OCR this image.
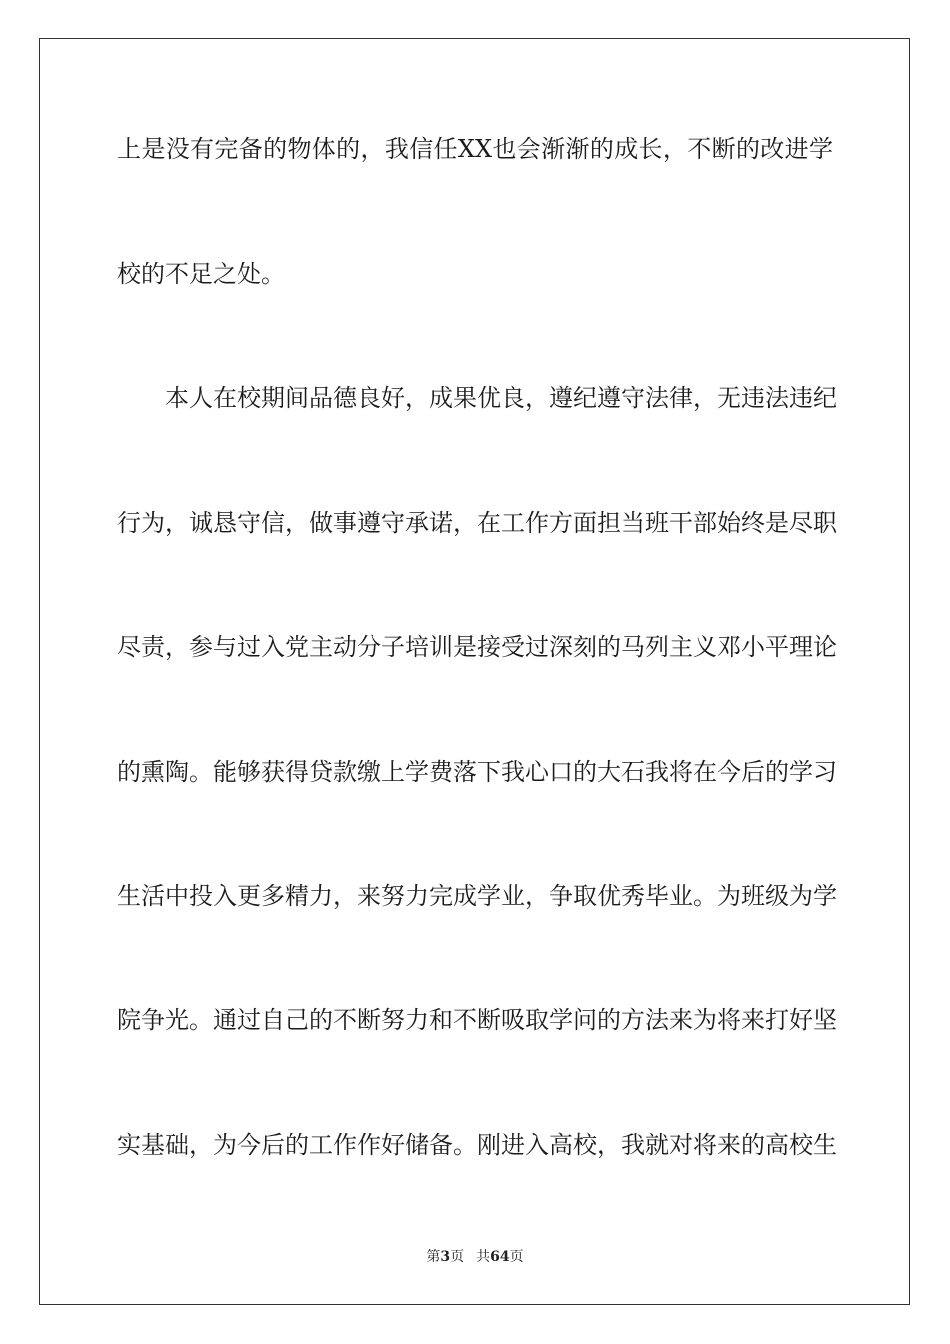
上是没有完备的物体的，我信任XX也会渐渐的成长，不断的改进学
校的不足之处。
　　本人在校期间品德良好，成果优良，遵纪遵守法律，无违法违纪
行为，诚恳守信，做事遵守承诺，在工作方面担当班干部始终是尽职
尽责，参与过入党主动分子培训是接受过深刻的马列主义邓小平理论
的熏陶。能够获得贷款缴上学费落下我心口的大石我将在今后的学习
生活中投入更多精力，来努力完成学业，争取优秀毕业。为班级为学
院争光。通过自己的不断努力和不断吸取学问的方法来为将来打好坚
实基础，为今后的工作作好储备。刚进入高校，我就对将来的高校生
第3页 共64页
